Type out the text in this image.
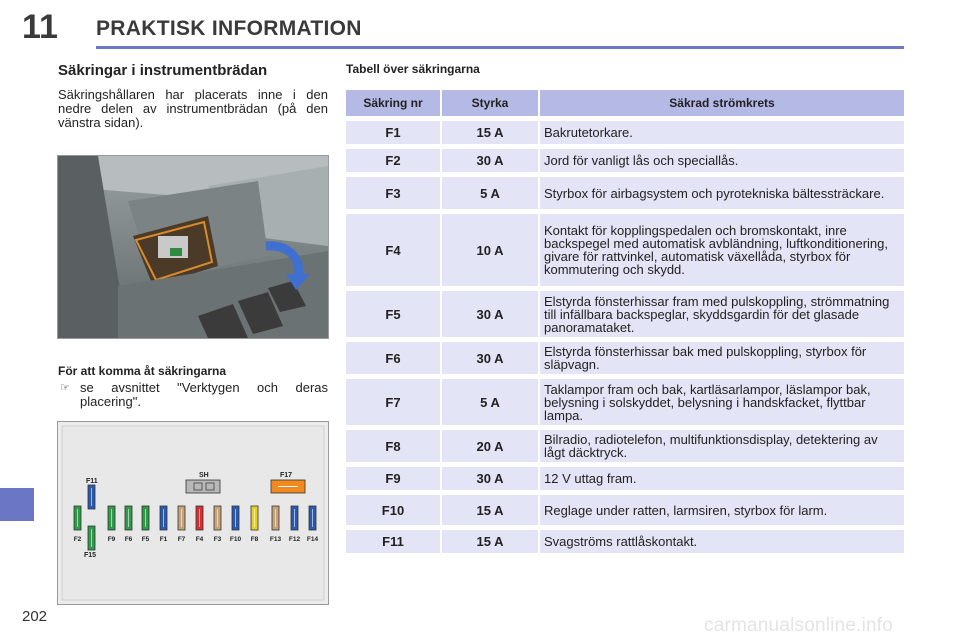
11 PRAKTISK INFORMATION
202	carmanualsonline.info
Säkringar i instrumentbrädan
Säkringshållaren har placerats inne i den nedre delen av instrumentbrädan (på den vänstra sidan).
För att komma åt säkringarna
☞ se avsnittet "Verktygen och deras placering".
F11
SH	F17
F15
F2	F9 F6 F5 F1 F7 F4 F3 F10 F8 F13 F12 F14
Tabell över säkringarna
Säkring nr	Styrka	Säkrad strömkrets
F1	15 A	Bakrutetorkare.
F2	30 A	Jord för vanligt lås och speciallås.
F3	5 A	Styrbox för airbagsystem och pyrotekniska bältessträckare.
F4	10 A	Kontakt för kopplingspedalen och bromskontakt, inre backspegel med automatisk avbländning, luftkonditionering, givare för rattvinkel, automatisk växellåda, styrbox för kommutering och skydd.
F5	30 A	Elstyrda fönsterhissar fram med pulskoppling, strömmatning till infällbara backspeglar, skyddsgardin för det glasade panoramataket.
F6	30 A	Elstyrda fönsterhissar bak med pulskoppling, styrbox för släpvagn.
F7	5 A	Taklampor fram och bak, kartläsarlampor, läslampor bak, belysning i solskyddet, belysning i handskfacket, flyttbar lampa.
F8	20 A	Bilradio, radiotelefon, multifunktionsdisplay, detektering av lågt däcktryck.
F9	30 A	12 V uttag fram.
F10	15 A	Reglage under ratten, larmsiren, styrbox för larm.
F11	15 A	Svagströms rattlåskontakt.
